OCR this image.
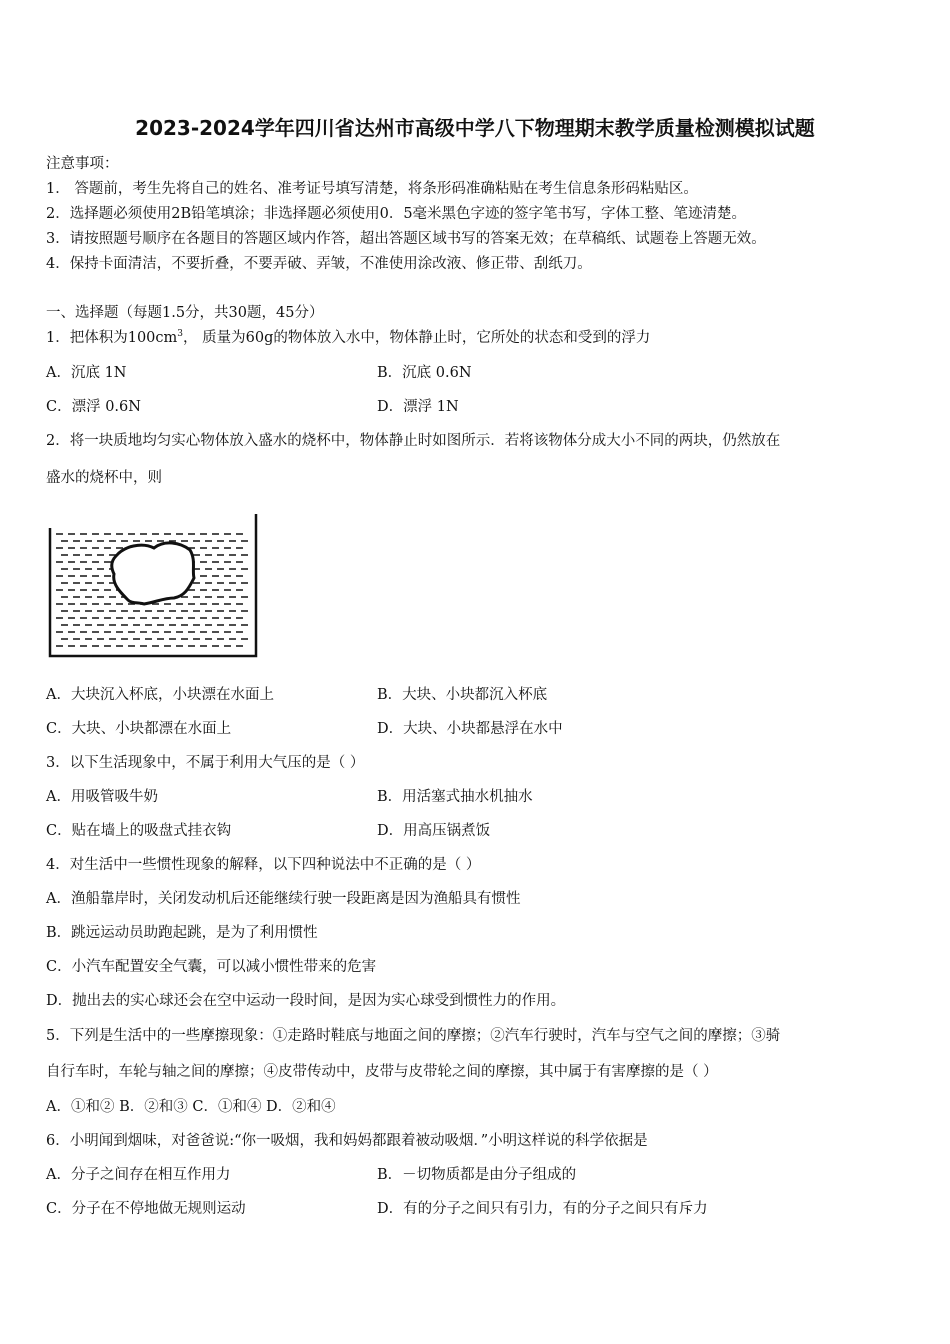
2023-2024学年四川省达州市高级中学八下物理期末教学质量检测模拟试题
注意事项：
1． 答题前，考生先将自己的姓名、准考证号填写清楚，将条形码准确粘贴在考生信息条形码粘贴区。
2．选择题必须使用2B铅笔填涂；非选择题必须使用0．5毫米黑色字迹的签字笔书写，字体工整、笔迹清楚。
3．请按照题号顺序在各题目的答题区域内作答，超出答题区域书写的答案无效；在草稿纸、试题卷上答题无效。
4．保持卡面清洁，不要折叠，不要弄破、弄皱，不准使用涂改液、修正带、刮纸刀。
一、选择题（每题1.5分，共30题，45分）
1．把体积为$100cm^3$， 质量为60g的物体放入水中，物体静止时，它所处的状态和受到的浮力
A．沉底 1N	B．沉底 0.6N
C．漂浮 0.6N	D．漂浮 1N
2．将一块质地均匀实心物体放入盛水的烧杯中，物体静止时如图所示．若将该物体分成大小不同的两块，仍然放在
盛水的烧杯中，则
A．大块沉入杯底，小块漂在水面上	B．大块、小块都沉入杯底
C．大块、小块都漂在水面上	D．大块、小块都悬浮在水中
3．以下生活现象中，不属于利用大气压的是（ ）
A．用吸管吸牛奶	B．用活塞式抽水机抽水
C．贴在墙上的吸盘式挂衣钩	D．用高压锅煮饭
4．对生活中一些惯性现象的解释，以下四种说法中不正确的是（ ）
A．渔船靠岸时，关闭发动机后还能继续行驶一段距离是因为渔船具有惯性
B．跳远运动员助跑起跳，是为了利用惯性
C．小汽车配置安全气囊，可以减小惯性带来的危害
D．抛出去的实心球还会在空中运动一段时间，是因为实心球受到惯性力的作用。
5．下列是生活中的一些摩擦现象：①走路时鞋底与地面之间的摩擦；②汽车行驶时，汽车与空气之间的摩擦；③骑
自行车时，车轮与轴之间的摩擦；④皮带传动中，皮带与皮带轮之间的摩擦，其中属于有害摩擦的是（ ）
A．①和② B．②和③ C．①和④ D．②和④
6．小明闻到烟味，对爸爸说:“你一吸烟，我和妈妈都跟着被动吸烟．”小明这样说的科学依据是
A．分子之间存在相互作用力	B．－切物质都是由分子组成的
C．分子在不停地做无规则运动	D．有的分子之间只有引力，有的分子之间只有斥力
